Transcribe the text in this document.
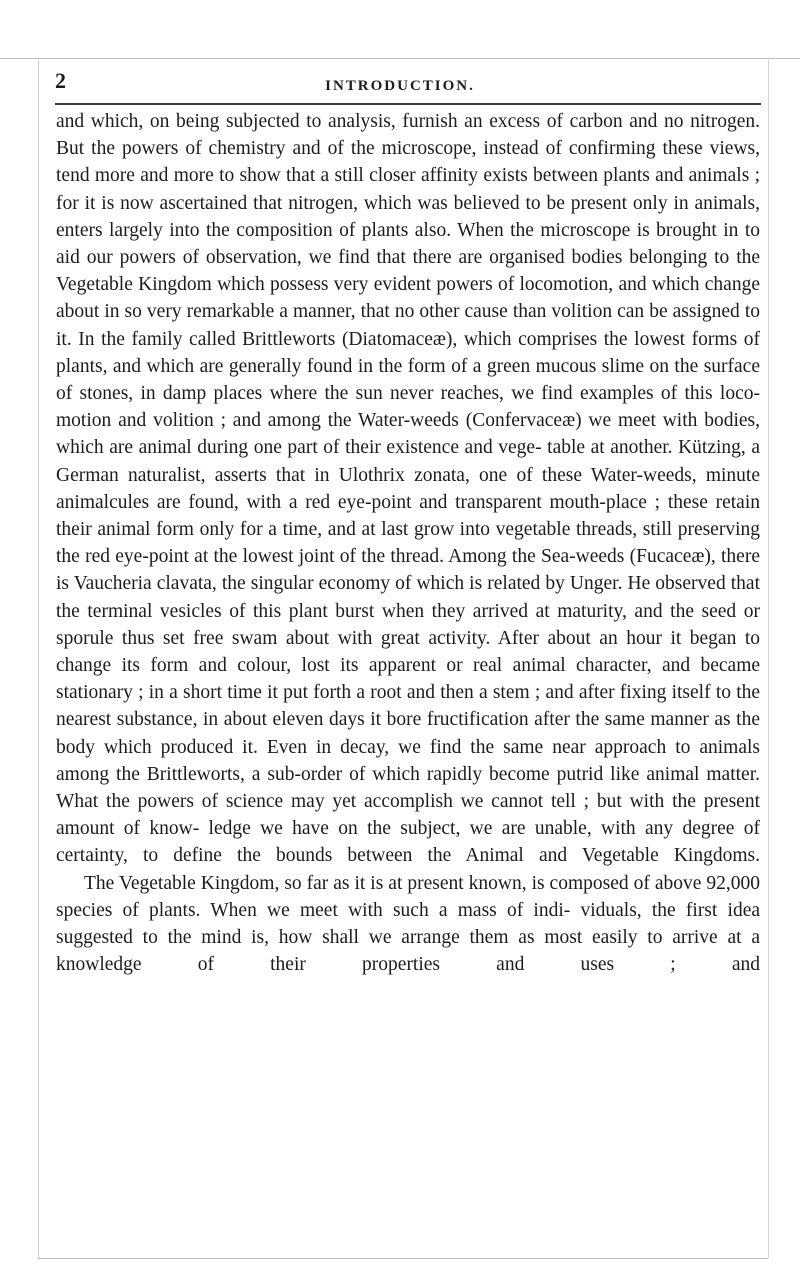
2	INTRODUCTION.

and which, on being subjected to analysis, furnish an excess of carbon and no nitrogen. But the powers of chemistry and of the microscope, instead of confirming these views, tend more and more to show that a still closer affinity exists between plants and animals ; for it is now ascertained that nitrogen, which was believed to be present only in animals, enters largely into the composition of plants also. When the microscope is brought in to aid our powers of observation, we find that there are organised bodies belonging to the Vegetable Kingdom which possess very evident powers of locomotion, and which change about in so very remarkable a manner, that no other cause than volition can be assigned to it. In the family called Brittleworts (Diatomaceæ), which comprises the lowest forms of plants, and which are generally found in the form of a green mucous slime on the surface of stones, in damp places where the sun never reaches, we find examples of this loco- motion and volition ; and among the Water-weeds (Confervaceæ) we meet with bodies, which are animal during one part of their existence and vege- table at another. Kützing, a German naturalist, asserts that in Ulothrix zonata, one of these Water-weeds, minute animalcules are found, with a red eye-point and transparent mouth-place ; these retain their animal form only for a time, and at last grow into vegetable threads, still preserving the red eye-point at the lowest joint of the thread. Among the Sea-weeds (Fucaceæ), there is Vaucheria clavata, the singular economy of which is related by Unger. He observed that the terminal vesicles of this plant burst when they arrived at maturity, and the seed or sporule thus set free swam about with great activity. After about an hour it began to change its form and colour, lost its apparent or real animal character, and became stationary ; in a short time it put forth a root and then a stem ; and after fixing itself to the nearest substance, in about eleven days it bore fructification after the same manner as the body which produced it. Even in decay, we find the same near approach to animals among the Brittleworts, a sub-order of which rapidly become putrid like animal matter. What the powers of science may yet accomplish we cannot tell ; but with the present amount of know- ledge we have on the subject, we are unable, with any degree of certainty, to define the bounds between the Animal and Vegetable Kingdoms.

The Vegetable Kingdom, so far as it is at present known, is composed of above 92,000 species of plants. When we meet with such a mass of indi- viduals, the first idea suggested to the mind is, how shall we arrange them as most easily to arrive at a knowledge of their properties and uses ; and
